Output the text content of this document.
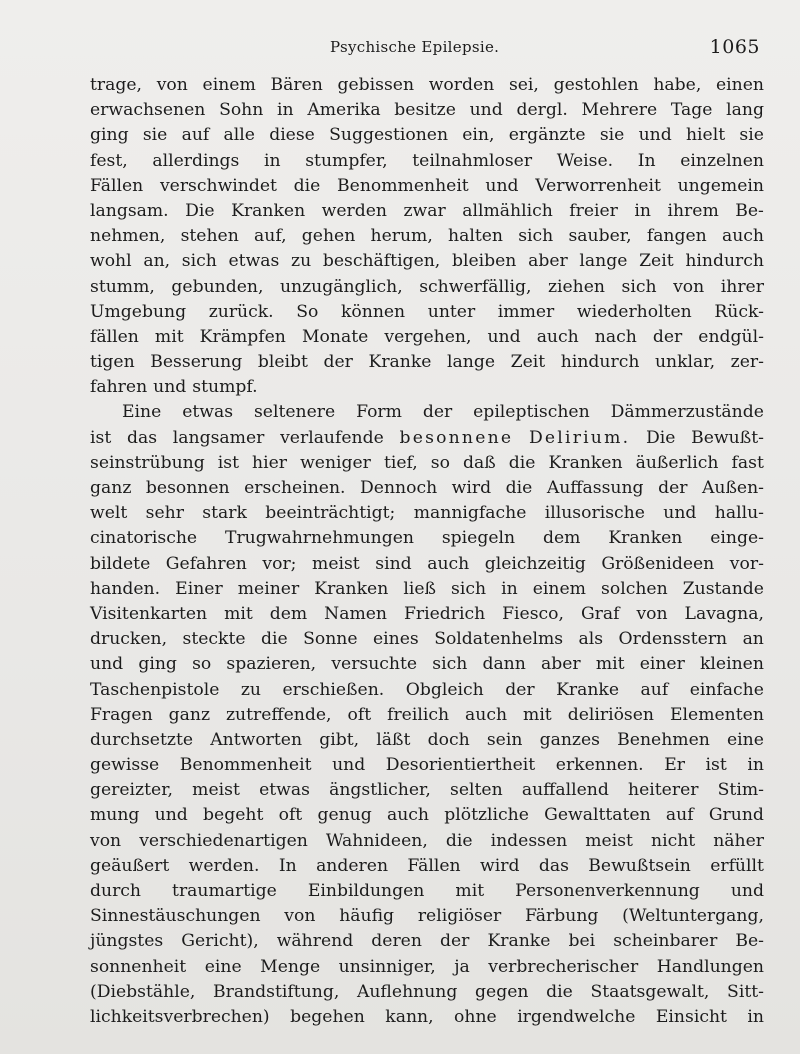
Psychische Epilepsie.	1065
trage, von einem Bären gebissen worden sei, gestohlen habe, einen
erwachsenen Sohn in Amerika besitze und dergl. Mehrere Tage lang
ging sie auf alle diese Suggestionen ein, ergänzte sie und hielt sie
fest, allerdings in stumpfer, teilnahmloser Weise. In einzelnen
Fällen verschwindet die Benommenheit und Verworrenheit ungemein
langsam. Die Kranken werden zwar allmählich freier in ihrem Be-
nehmen, stehen auf, gehen herum, halten sich sauber, fangen auch
wohl an, sich etwas zu beschäftigen, bleiben aber lange Zeit hindurch
stumm, gebunden, unzugänglich, schwerfällig, ziehen sich von ihrer
Umgebung zurück. So können unter immer wiederholten Rück-
fällen mit Krämpfen Monate vergehen, und auch nach der endgül-
tigen Besserung bleibt der Kranke lange Zeit hindurch unklar, zer-
fahren und stumpf.
Eine etwas seltenere Form der epileptischen Dämmerzustände
ist das langsamer verlaufende besonnene Delirium. Die Bewußt-
seinstrübung ist hier weniger tief, so daß die Kranken äußerlich fast
ganz besonnen erscheinen. Dennoch wird die Auffassung der Außen-
welt sehr stark beeinträchtigt; mannigfache illusorische und hallu-
cinatorische Trugwahrnehmungen spiegeln dem Kranken einge-
bildete Gefahren vor; meist sind auch gleichzeitig Größenideen vor-
handen. Einer meiner Kranken ließ sich in einem solchen Zustande
Visitenkarten mit dem Namen Friedrich Fiesco, Graf von Lavagna,
drucken, steckte die Sonne eines Soldatenhelms als Ordensstern an
und ging so spazieren, versuchte sich dann aber mit einer kleinen
Taschenpistole zu erschießen. Obgleich der Kranke auf einfache
Fragen ganz zutreffende, oft freilich auch mit deliriösen Elementen
durchsetzte Antworten gibt, läßt doch sein ganzes Benehmen eine
gewisse Benommenheit und Desorientiertheit erkennen. Er ist in
gereizter, meist etwas ängstlicher, selten auffallend heiterer Stim-
mung und begeht oft genug auch plötzliche Gewalttaten auf Grund
von verschiedenartigen Wahnideen, die indessen meist nicht näher
geäußert werden. In anderen Fällen wird das Bewußtsein erfüllt
durch traumartige Einbildungen mit Personenverkennung und
Sinnestäuschungen von häufig religiöser Färbung (Weltuntergang,
jüngstes Gericht), während deren der Kranke bei scheinbarer Be-
sonnenheit eine Menge unsinniger, ja verbrecherischer Handlungen
(Diebstähle, Brandstiftung, Auflehnung gegen die Staatsgewalt, Sitt-
lichkeitsverbrechen) begehen kann, ohne irgendwelche Einsicht in
